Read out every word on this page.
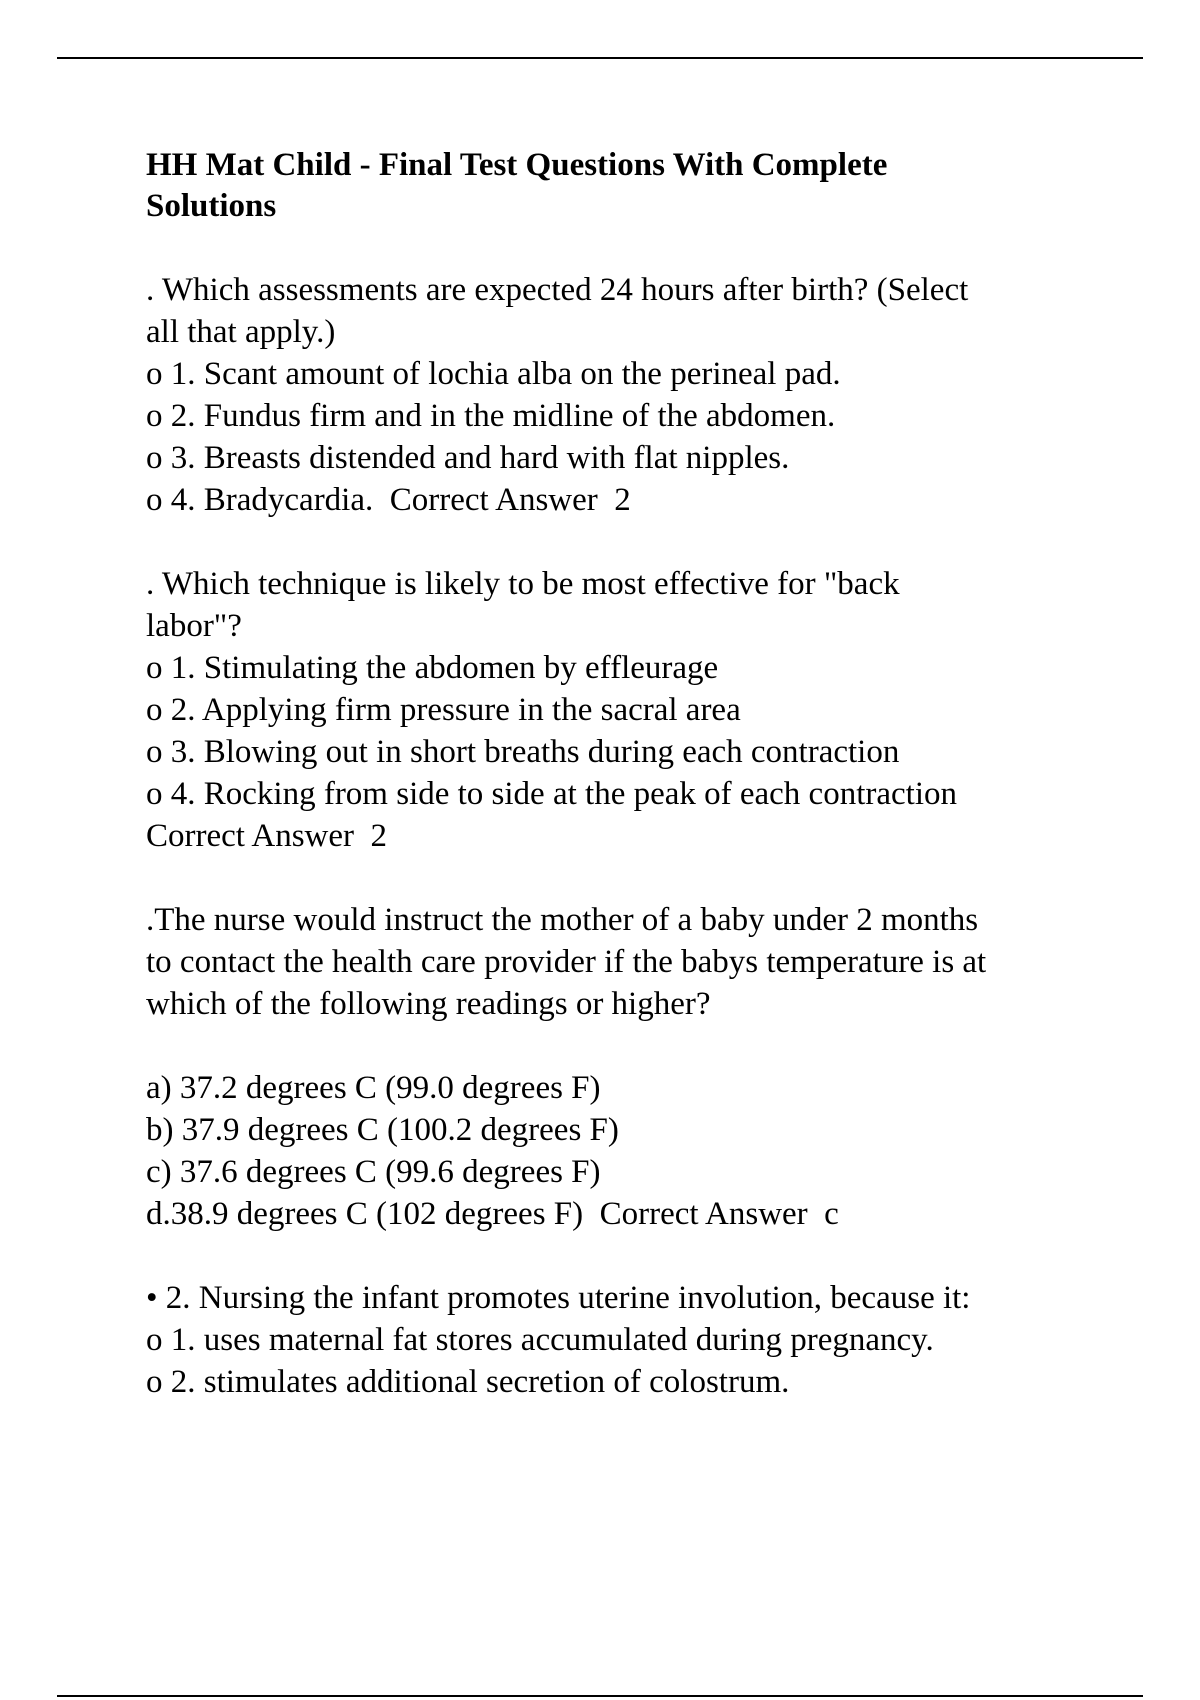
HH Mat Child - Final Test Questions With Complete
Solutions
. Which assessments are expected 24 hours after birth? (Select
all that apply.)
o 1. Scant amount of lochia alba on the perineal pad.
o 2. Fundus firm and in the midline of the abdomen.
o 3. Breasts distended and hard with flat nipples.
o 4. Bradycardia.  Correct Answer  2
. Which technique is likely to be most effective for "back
labor"?
o 1. Stimulating the abdomen by effleurage
o 2. Applying firm pressure in the sacral area
o 3. Blowing out in short breaths during each contraction
o 4. Rocking from side to side at the peak of each contraction
Correct Answer  2
.The nurse would instruct the mother of a baby under 2 months
to contact the health care provider if the babys temperature is at
which of the following readings or higher?
a) 37.2 degrees C (99.0 degrees F)
b) 37.9 degrees C (100.2 degrees F)
c) 37.6 degrees C (99.6 degrees F)
d.38.9 degrees C (102 degrees F)  Correct Answer  c
• 2. Nursing the infant promotes uterine involution, because it:
o 1. uses maternal fat stores accumulated during pregnancy.
o 2. stimulates additional secretion of colostrum.
